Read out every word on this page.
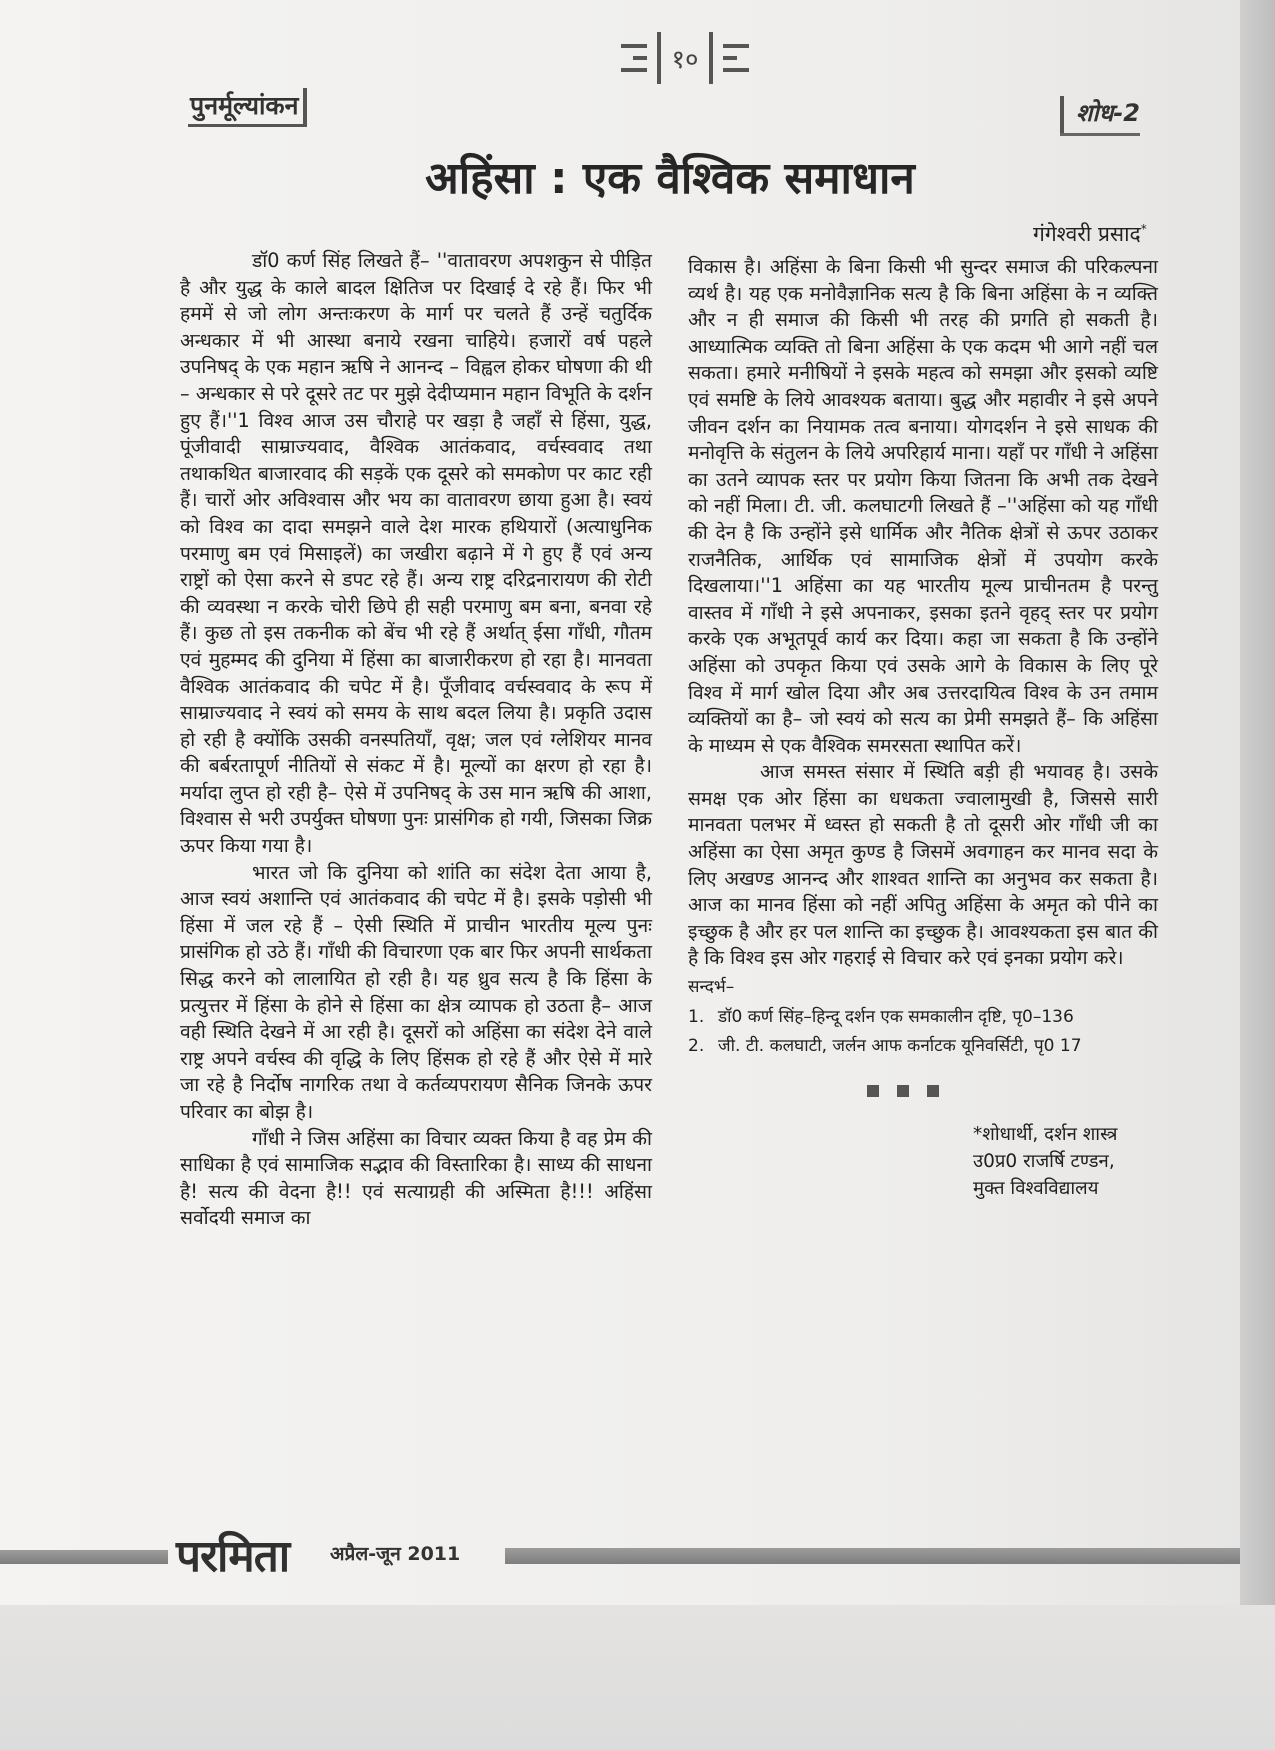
१०
पुनर्मूल्यांकन	शोध-2
अहिंसा : एक वैश्विक समाधान
गंगेश्वरी प्रसाद*

डॉ0 कर्ण सिंह लिखते हैं– ''वातावरण अपशकुन से पीड़ित है और युद्ध के काले बादल क्षितिज पर दिखाई दे रहे हैं। फिर भी हममें से जो लोग अन्तःकरण के मार्ग पर चलते हैं उन्हें चतुर्दिक अन्धकार में भी आस्था बनाये रखना चाहिये। हजारों वर्ष पहले उपनिषद् के एक महान ऋषि ने आनन्द – विह्वल होकर घोषणा की थी – अन्धकार से परे दूसरे तट पर मुझे देदीप्यमान महान विभूति के दर्शन हुए हैं।''1 विश्व आज उस चौराहे पर खड़ा है जहाँ से हिंसा, युद्ध, पूंजीवादी साम्राज्यवाद, वैश्विक आतंकवाद, वर्चस्ववाद तथा तथाकथित बाजारवाद की सड़कें एक दूसरे को समकोण पर काट रही हैं। चारों ओर अविश्वास और भय का वातावरण छाया हुआ है। स्वयं को विश्व का दादा समझने वाले देश मारक हथियारों (अत्याधुनिक परमाणु बम एवं मिसाइलें) का जखीरा बढ़ाने में गे हुए हैं एवं अन्य राष्ट्रों को ऐसा करने से डपट रहे हैं। अन्य राष्ट्र दरिद्रनारायण की रोटी की व्यवस्था न करके चोरी छिपे ही सही परमाणु बम बना, बनवा रहे हैं। कुछ तो इस तकनीक को बेंच भी रहे हैं अर्थात् ईसा गाँधी, गौतम एवं मुहम्मद की दुनिया में हिंसा का बाजारीकरण हो रहा है। मानवता वैश्विक आतंकवाद की चपेट में है। पूँजीवाद वर्चस्ववाद के रूप में साम्राज्यवाद ने स्वयं को समय के साथ बदल लिया है। प्रकृति उदास हो रही है क्योंकि उसकी वनस्पतियाँ, वृक्ष; जल एवं ग्लेशियर मानव की बर्बरतापूर्ण नीतियों से संकट में है। मूल्यों का क्षरण हो रहा है। मर्यादा लुप्त हो रही है– ऐसे में उपनिषद् के उस मान ऋषि की आशा, विश्वास से भरी उपर्युक्त घोषणा पुनः प्रासंगिक हो गयी, जिसका जिक्र ऊपर किया गया है।

भारत जो कि दुनिया को शांति का संदेश देता आया है, आज स्वयं अशान्ति एवं आतंकवाद की चपेट में है। इसके पड़ोसी भी हिंसा में जल रहे हैं – ऐसी स्थिति में प्राचीन भारतीय मूल्य पुनः प्रासंगिक हो उठे हैं। गाँधी की विचारणा एक बार फिर अपनी सार्थकता सिद्ध करने को लालायित हो रही है। यह ध्रुव सत्य है कि हिंसा के प्रत्युत्तर में हिंसा के होने से हिंसा का क्षेत्र व्यापक हो उठता है– आज वही स्थिति देखने में आ रही है। दूसरों को अहिंसा का संदेश देने वाले राष्ट्र अपने वर्चस्व की वृद्धि के लिए हिंसक हो रहे हैं और ऐसे में मारे जा रहे है निर्दोष नागरिक तथा वे कर्तव्यपरायण सैनिक जिनके ऊपर परिवार का बोझ है।

गाँधी ने जिस अहिंसा का विचार व्यक्त किया है वह प्रेम की साधिका है एवं सामाजिक सद्भाव की विस्तारिका है। साध्य की साधना है! सत्य की वेदना है!! एवं सत्याग्रही की अस्मिता है!!! अहिंसा सर्वोदयी समाज का

विकास है। अहिंसा के बिना किसी भी सुन्दर समाज की परिकल्पना व्यर्थ है। यह एक मनोवैज्ञानिक सत्य है कि बिना अहिंसा के न व्यक्ति और न ही समाज की किसी भी तरह की प्रगति हो सकती है। आध्यात्मिक व्यक्ति तो बिना अहिंसा के एक कदम भी आगे नहीं चल सकता। हमारे मनीषियों ने इसके महत्व को समझा और इसको व्यष्टि एवं समष्टि के लिये आवश्यक बताया। बुद्ध और महावीर ने इसे अपने जीवन दर्शन का नियामक तत्व बनाया। योगदर्शन ने इसे साधक की मनोवृत्ति के संतुलन के लिये अपरिहार्य माना। यहाँ पर गाँधी ने अहिंसा का उतने व्यापक स्तर पर प्रयोग किया जितना कि अभी तक देखने को नहीं मिला। टी. जी. कलघाटगी लिखते हैं –''अहिंसा को यह गाँधी की देन है कि उन्होंने इसे धार्मिक और नैतिक क्षेत्रों से ऊपर उठाकर राजनैतिक, आर्थिक एवं सामाजिक क्षेत्रों में उपयोग करके दिखलाया।''1 अहिंसा का यह भारतीय मूल्य प्राचीनतम है परन्तु वास्तव में गाँधी ने इसे अपनाकर, इसका इतने वृहद् स्तर पर प्रयोग करके एक अभूतपूर्व कार्य कर दिया। कहा जा सकता है कि उन्होंने अहिंसा को उपकृत किया एवं उसके आगे के विकास के लिए पूरे विश्व में मार्ग खोल दिया और अब उत्तरदायित्व विश्व के उन तमाम व्यक्तियों का है– जो स्वयं को सत्य का प्रेमी समझते हैं– कि अहिंसा के माध्यम से एक वैश्विक समरसता स्थापित करें।

आज समस्त संसार में स्थिति बड़ी ही भयावह है। उसके समक्ष एक ओर हिंसा का धधकता ज्वालामुखी है, जिससे सारी मानवता पलभर में ध्वस्त हो सकती है तो दूसरी ओर गाँधी जी का अहिंसा का ऐसा अमृत कुण्ड है जिसमें अवगाहन कर मानव सदा के लिए अखण्ड आनन्द और शाश्वत शान्ति का अनुभव कर सकता है। आज का मानव हिंसा को नहीं अपितु अहिंसा के अमृत को पीने का इच्छुक है और हर पल शान्ति का इच्छुक है। आवश्यकता इस बात की है कि विश्व इस ओर गहराई से विचार करे एवं इनका प्रयोग करे।

सन्दर्भ–
1. डॉ0 कर्ण सिंह–हिन्दू दर्शन एक समकालीन दृष्टि, पृ0–136
2. जी. टी. कलघाटी, जर्लन आफ कर्नाटक यूनिवर्सिटी, पृ0 17
*शोधार्थी, दर्शन शास्त्र
उ0प्र0 राजर्षि टण्डन,
मुक्त विश्वविद्यालय
परमिता अप्रैल-जून 2011
